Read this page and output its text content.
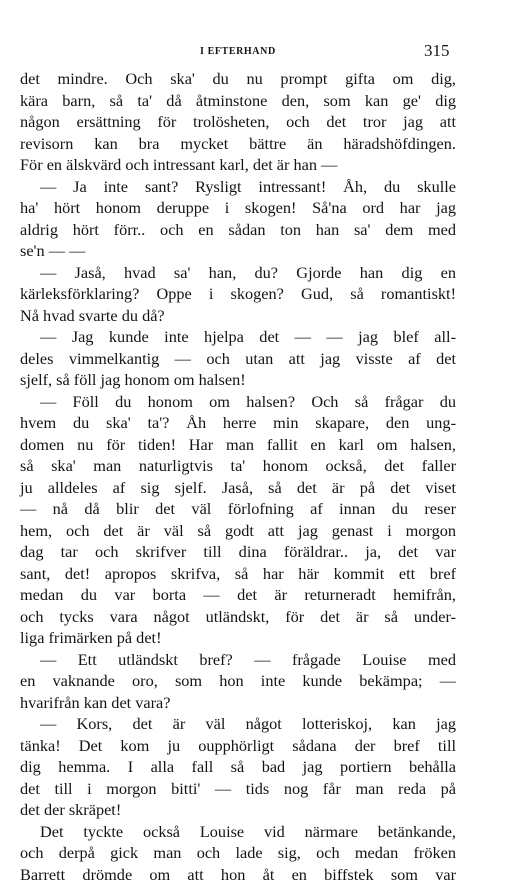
I EFTERHAND	315
det mindre. Och ska' du nu prompt gifta om dig,
kära barn, så ta' då åtminstone den, som kan ge' dig
någon ersättning för trolösheten, och det tror jag att
revisorn kan bra mycket bättre än häradshöfdingen.
För en älskvärd och intressant karl, det är han —
— Ja inte sant? Rysligt intressant! Åh, du skulle
ha' hört honom deruppe i skogen! Så'na ord har jag
aldrig hört förr.. och en sådan ton han sa' dem med
se'n — —
— Jaså, hvad sa' han, du? Gjorde han dig en
kärleksförklaring? Oppe i skogen? Gud, så romantiskt!
Nå hvad svarte du då?
— Jag kunde inte hjelpa det — — jag blef all-
deles vimmelkantig — och utan att jag visste af det
sjelf, så föll jag honom om halsen!
— Föll du honom om halsen? Och så frågar du
hvem du ska' ta'? Åh herre min skapare, den ung-
domen nu för tiden! Har man fallit en karl om halsen,
så ska' man naturligtvis ta' honom också, det faller
ju alldeles af sig sjelf. Jaså, så det är på det viset
— nå då blir det väl förlofning af innan du reser
hem, och det är väl så godt att jag genast i morgon
dag tar och skrifver till dina föräldrar.. ja, det var
sant, det! apropos skrifva, så har här kommit ett bref
medan du var borta — det är returneradt hemifrån,
och tycks vara något utländskt, för det är så under-
liga frimärken på det!
— Ett utländskt bref? — frågade Louise med
en vaknande oro, som hon inte kunde bekämpa; —
hvarifrån kan det vara?
— Kors, det är väl något lotteriskoj, kan jag
tänka! Det kom ju oupphörligt sådana der bref till
dig hemma. I alla fall så bad jag portiern behålla
det till i morgon bitti' — tids nog får man reda på
det der skräpet!
Det tyckte också Louise vid närmare betänkande,
och derpå gick man och lade sig, och medan fröken
Barrett drömde om att hon åt en biffstek som var
